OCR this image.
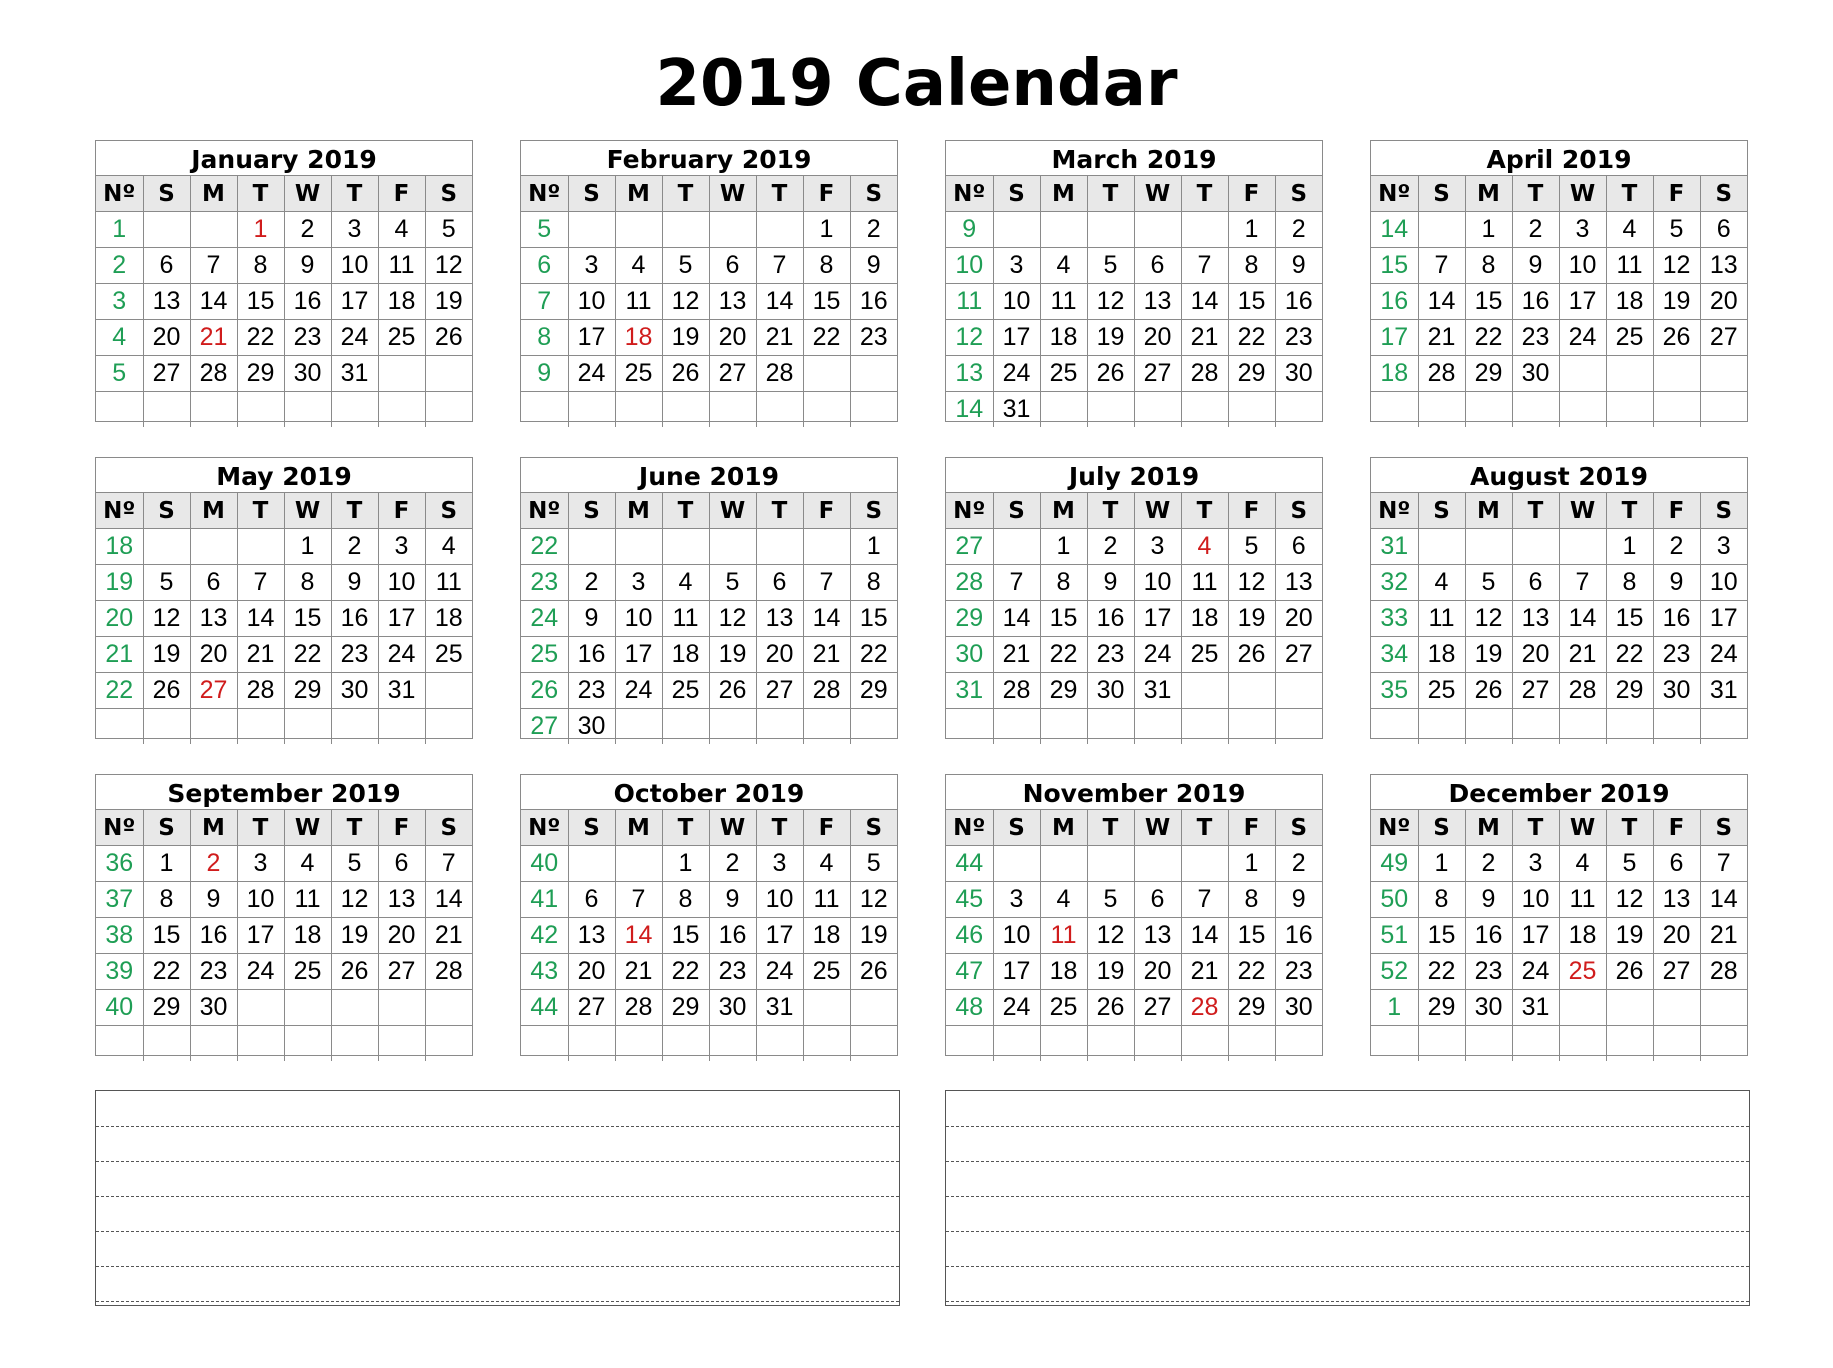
2019 Calendar
January 2019
Nº	S	M	T	W	T	F	S
1			1	2	3	4	5
2	6	7	8	9	10	11	12
3	13	14	15	16	17	18	19
4	20	21	22	23	24	25	26
5	27	28	29	30	31		

February 2019
Nº	S	M	T	W	T	F	S
5						1	2
6	3	4	5	6	7	8	9
7	10	11	12	13	14	15	16
8	17	18	19	20	21	22	23
9	24	25	26	27	28		

March 2019
Nº	S	M	T	W	T	F	S
9						1	2
10	3	4	5	6	7	8	9
11	10	11	12	13	14	15	16
12	17	18	19	20	21	22	23
13	24	25	26	27	28	29	30
14	31						
April 2019
Nº	S	M	T	W	T	F	S
14		1	2	3	4	5	6
15	7	8	9	10	11	12	13
16	14	15	16	17	18	19	20
17	21	22	23	24	25	26	27
18	28	29	30				

May 2019
Nº	S	M	T	W	T	F	S
18				1	2	3	4
19	5	6	7	8	9	10	11
20	12	13	14	15	16	17	18
21	19	20	21	22	23	24	25
22	26	27	28	29	30	31	

June 2019
Nº	S	M	T	W	T	F	S
22							1
23	2	3	4	5	6	7	8
24	9	10	11	12	13	14	15
25	16	17	18	19	20	21	22
26	23	24	25	26	27	28	29
27	30						
July 2019
Nº	S	M	T	W	T	F	S
27		1	2	3	4	5	6
28	7	8	9	10	11	12	13
29	14	15	16	17	18	19	20
30	21	22	23	24	25	26	27
31	28	29	30	31			

August 2019
Nº	S	M	T	W	T	F	S
31					1	2	3
32	4	5	6	7	8	9	10
33	11	12	13	14	15	16	17
34	18	19	20	21	22	23	24
35	25	26	27	28	29	30	31

September 2019
Nº	S	M	T	W	T	F	S
36	1	2	3	4	5	6	7
37	8	9	10	11	12	13	14
38	15	16	17	18	19	20	21
39	22	23	24	25	26	27	28
40	29	30					

October 2019
Nº	S	M	T	W	T	F	S
40			1	2	3	4	5
41	6	7	8	9	10	11	12
42	13	14	15	16	17	18	19
43	20	21	22	23	24	25	26
44	27	28	29	30	31		

November 2019
Nº	S	M	T	W	T	F	S
44						1	2
45	3	4	5	6	7	8	9
46	10	11	12	13	14	15	16
47	17	18	19	20	21	22	23
48	24	25	26	27	28	29	30

December 2019
Nº	S	M	T	W	T	F	S
49	1	2	3	4	5	6	7
50	8	9	10	11	12	13	14
51	15	16	17	18	19	20	21
52	22	23	24	25	26	27	28
1	29	30	31				
